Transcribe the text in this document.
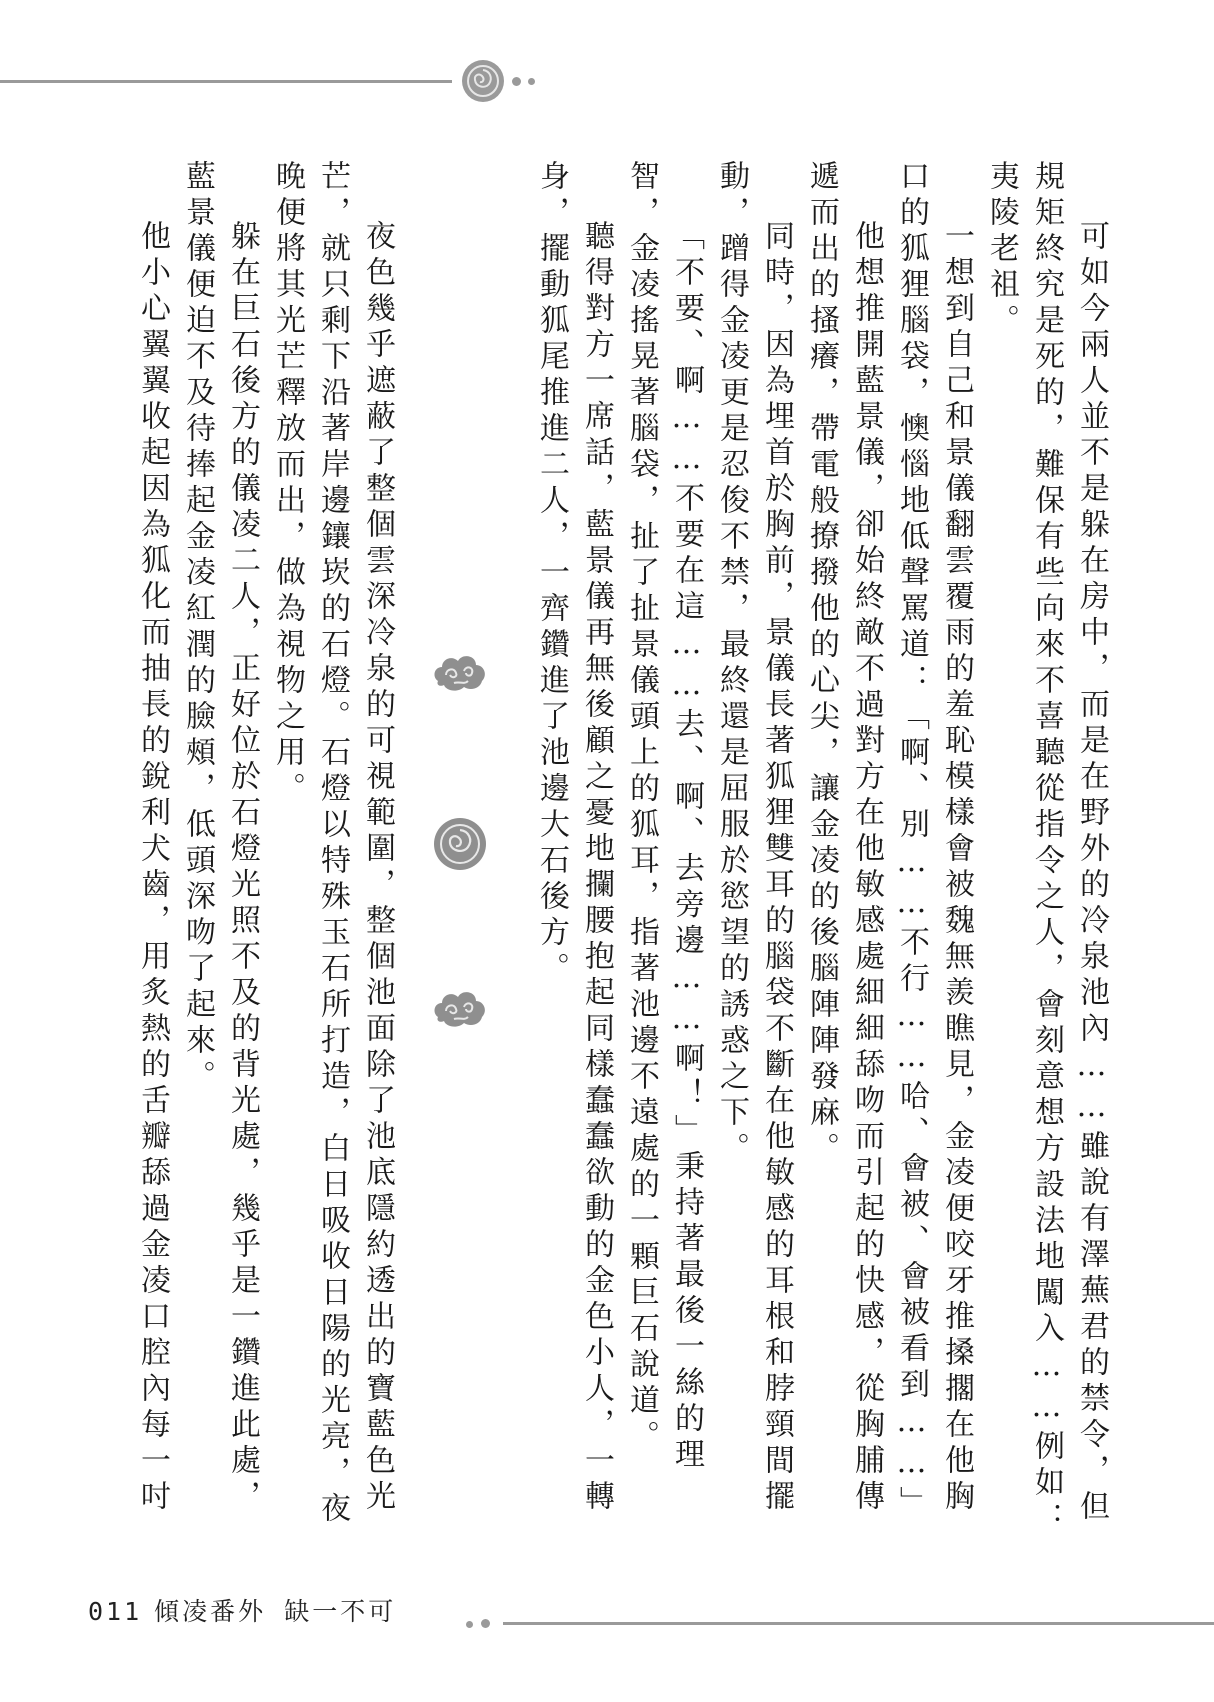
可如今兩人並不是躲在房中，而是在野外的冷泉池內……雖說有澤蕪君的禁令，但規矩終究是死的，難保有些向來不喜聽從指令之人，會刻意想方設法地闖入……例如：夷陵老祖。

一想到自己和景儀翻雲覆雨的羞恥模樣會被魏無羨瞧見，金凌便咬牙推搡擱在他胸口的狐狸腦袋，懊惱地低聲罵道：「啊、別……不行……哈、會被、會被看到……」

他想推開藍景儀，卻始終敵不過對方在他敏感處細細舔吻而引起的快感，從胸脯傳遞而出的搔癢，帶電般撩撥他的心尖，讓金凌的後腦陣陣發麻。

同時，因為埋首於胸前，景儀長著狐狸雙耳的腦袋不斷在他敏感的耳根和脖頸間擺動，蹭得金凌更是忍俊不禁，最終還是屈服於慾望的誘惑之下。

「不要、啊……不要在這……去、啊、去旁邊……啊！」秉持著最後一絲的理智，金凌搖晃著腦袋，扯了扯景儀頭上的狐耳，指著池邊不遠處的一顆巨石說道。

聽得對方一席話，藍景儀再無後顧之憂地攔腰抱起同樣蠢蠢欲動的金色小人，一轉身，擺動狐尾推進二人，一齊鑽進了池邊大石後方。

夜色幾乎遮蔽了整個雲深冷泉的可視範圍，整個池面除了池底隱約透出的寶藍色光芒，就只剩下沿著岸邊鑲崁的石燈。石燈以特殊玉石所打造，白日吸收日陽的光亮，夜晚便將其光芒釋放而出，做為視物之用。

躲在巨石後方的儀凌二人，正好位於石燈光照不及的背光處，幾乎是一鑽進此處，藍景儀便迫不及待捧起金凌紅潤的臉頰，低頭深吻了起來。

他小心翼翼收起因為狐化而抽長的銳利犬齒，用炙熱的舌瓣舔過金凌口腔內每一吋

011 傾凌番外 缺一不可
